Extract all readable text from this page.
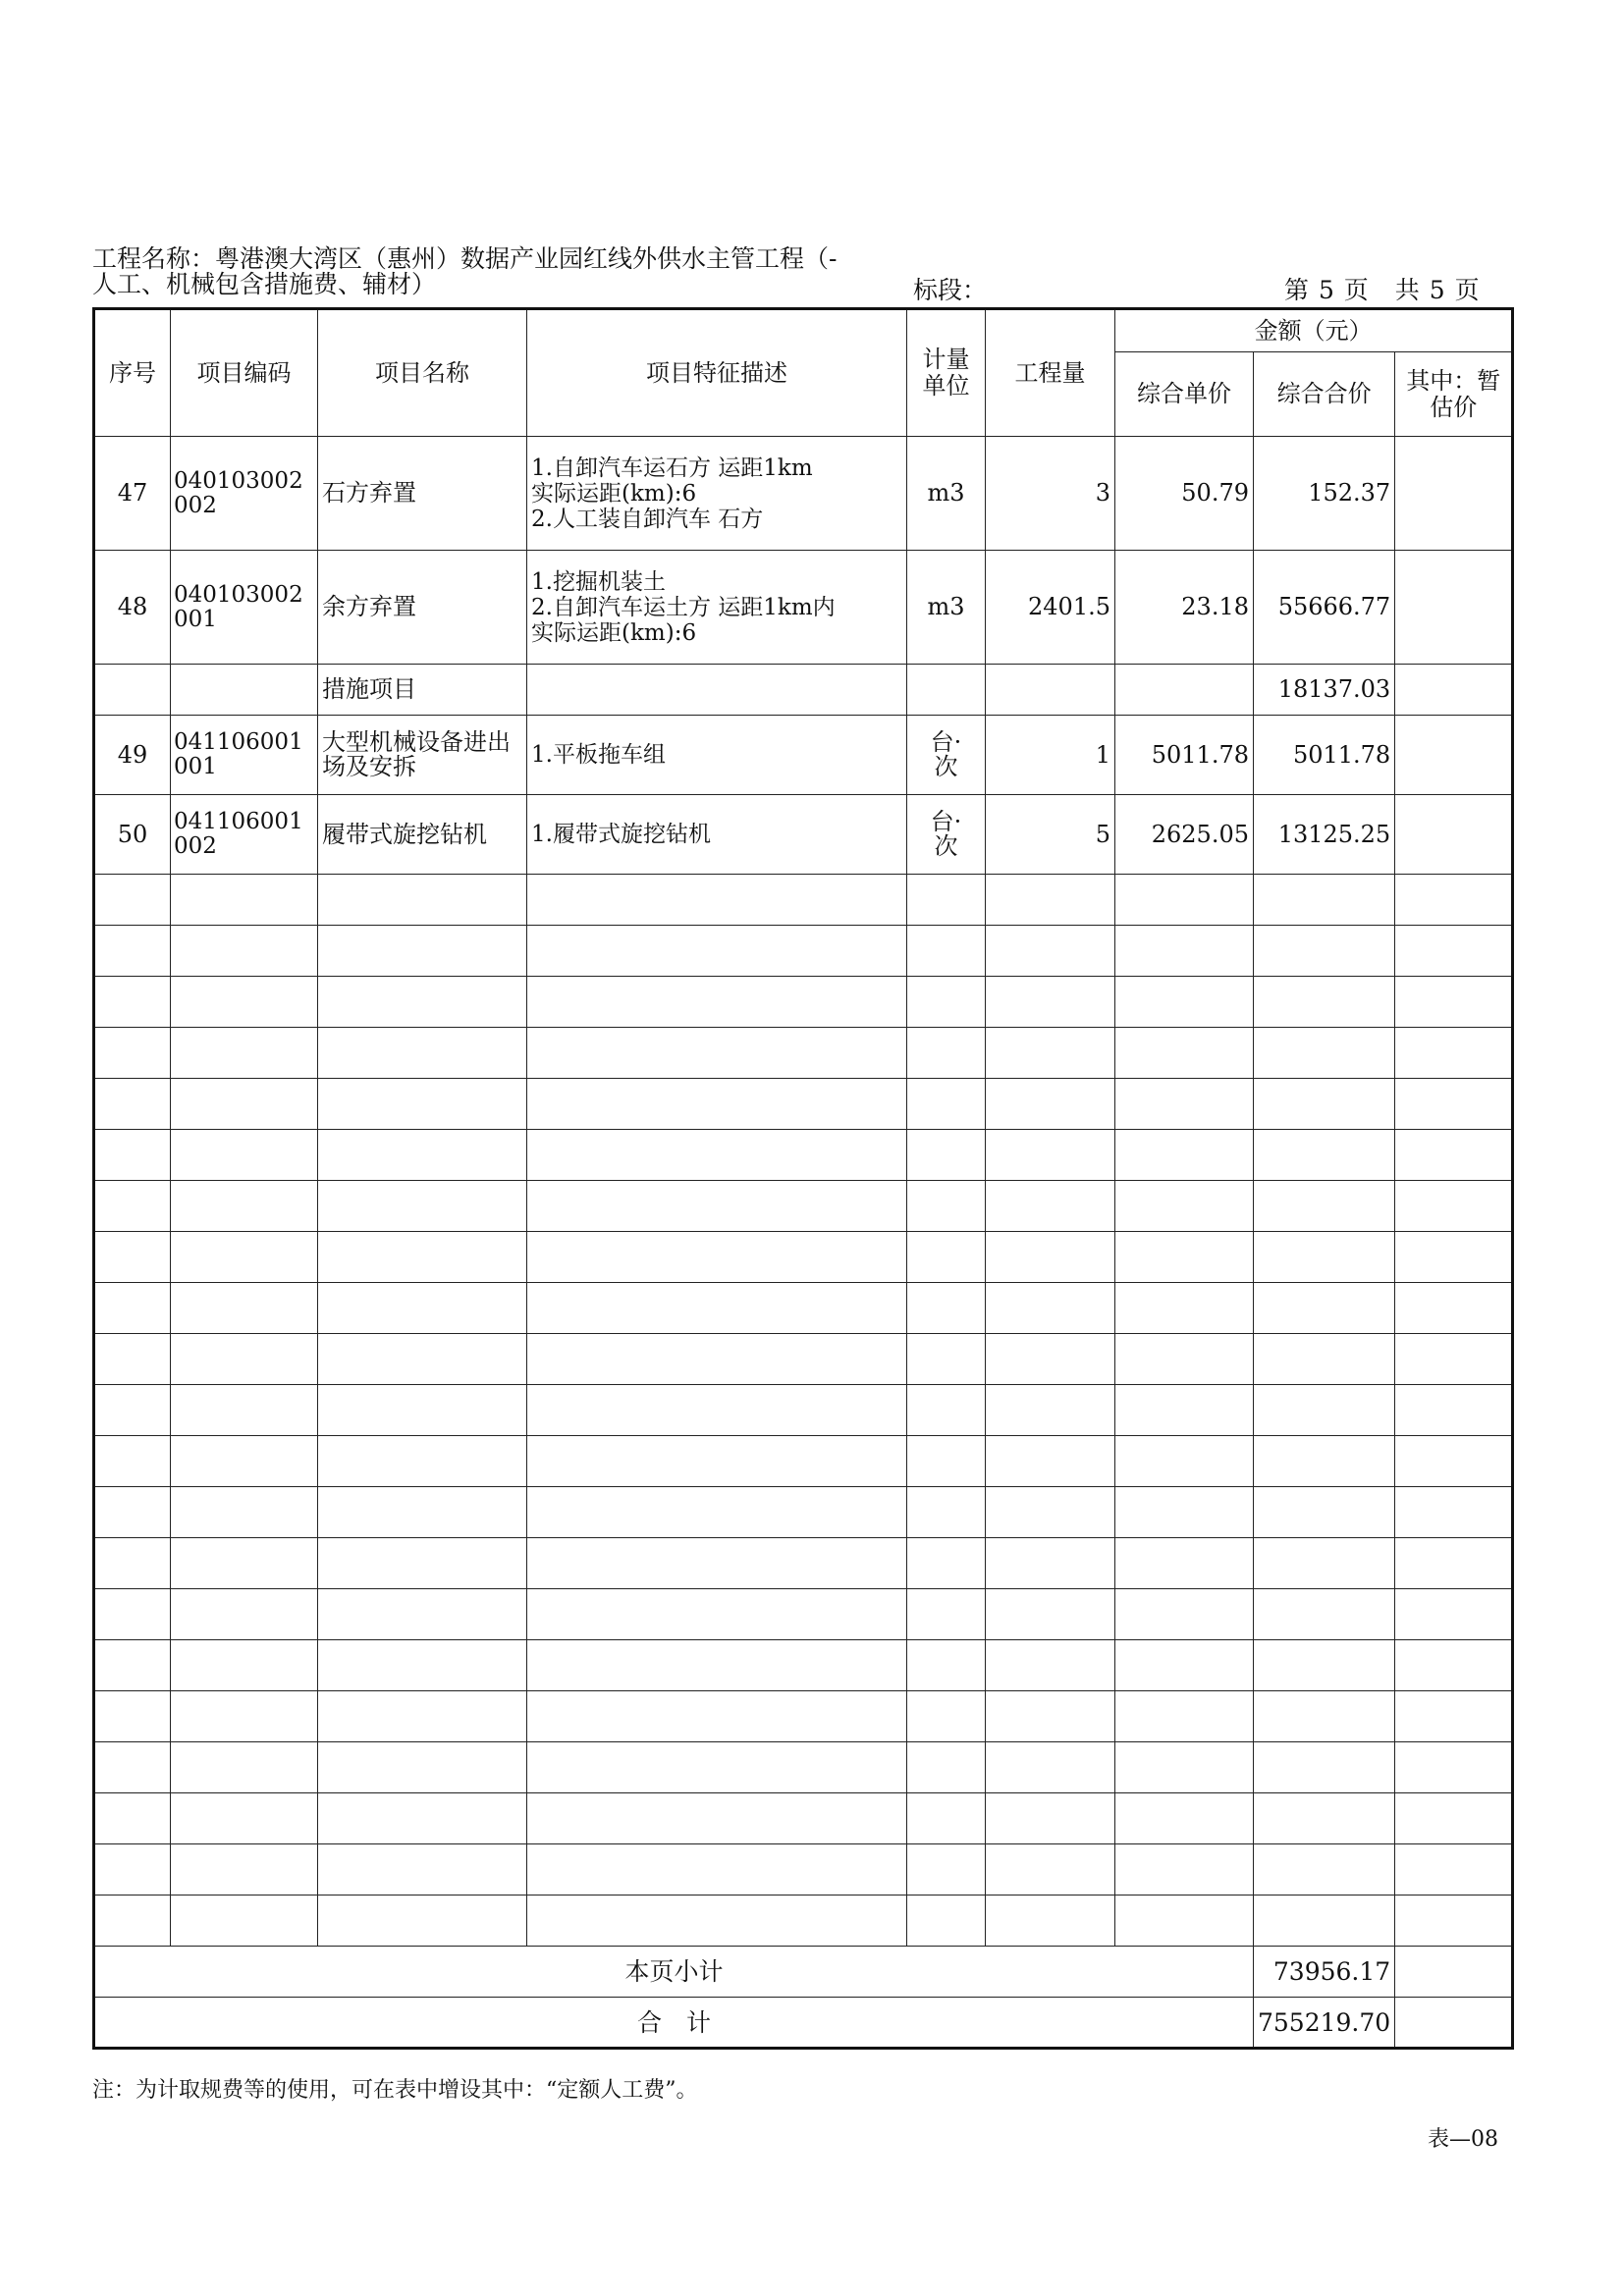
工程名称：粤港澳大湾区（惠州）数据产业园红线外供水主管工程（-
人工、机械包含措施费、辅材）	标段：	第 5 页　共 5 页
序号	项目编码	项目名称	项目特征描述	计量
单位	工程量	金额（元）		
						综合单价	综合合价	其中：暂
估价
47	040103002002	石方弃置	1.自卸汽车运石方 运距1km
实际运距(km):6
2.人工装自卸汽车 石方	m3	3	50.79	152.37	
48	040103002001	余方弃置	1.挖掘机装土
2.自卸汽车运土方 运距1km内
实际运距(km):6	m3	2401.5	23.18	55666.77	
		措施项目					18137.03	
49	041106001001	大型机械设备进出场及安拆	1.平板拖车组	台·
次	1	5011.78	5011.78	
50	041106001002	履带式旋挖钻机	1.履带式旋挖钻机	台·
次	5	2625.05	13125.25	

本页小计							73956.17	
合　计							755219.70	
注：为计取规费等的使用，可在表中增设其中：“定额人工费”。
表—08
